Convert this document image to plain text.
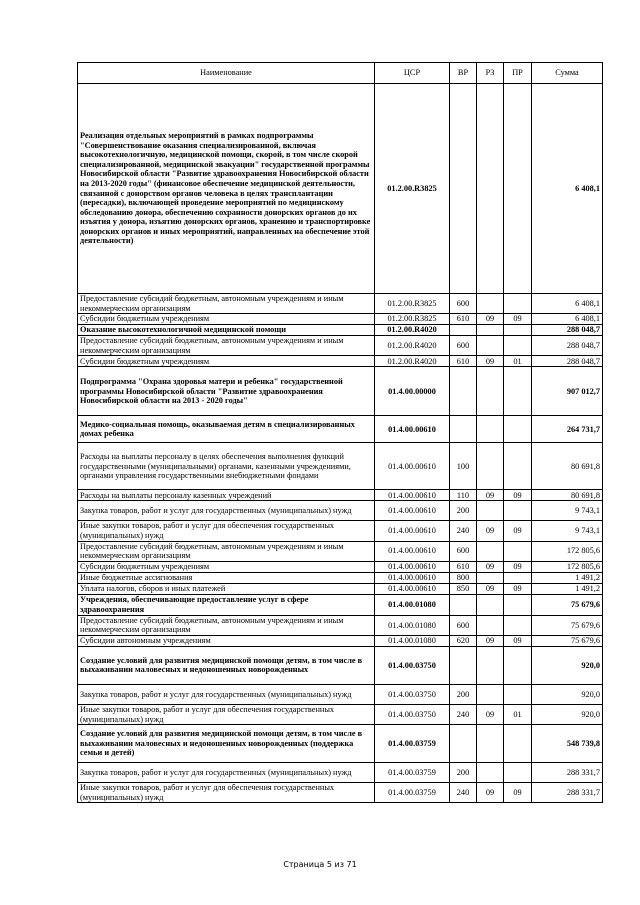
Наименование	ЦСР	ВР	РЗ	ПР	Сумма
Реализация отдельных мероприятий в рамках подпрограммы "Совершенствование оказания специализированной, включая высокотехнологичную, медицинской помощи, скорой, в том числе скорой специализированной, медицинской эвакуации" государственной программы Новосибирской области "Развитие здравоохранения Новосибирской области на 2013-2020 годы" (финансовое обеспечение медицинской деятельности, связанной с донорством органов человека в целях трансплантации (пересадки), включающей проведение мероприятий по медицинскому обследованию донора, обеспечению сохранности донорских органов до их изъятия у донора, изъятию донорских органов, хранению и транспортировке донорских органов и иных мероприятий, направленных на обеспечение этой деятельности)	01.2.00.R3825				6 408,1
Предоставление субсидий бюджетным, автономным учреждениям и иным некоммерческим организациям	01.2.00.R3825	600			6 408,1
Субсидии бюджетным учреждениям	01.2.00.R3825	610	09	09	6 408,1
Оказание высокотехнологичной медицинской помощи	01.2.00.R4020				288 048,7
Предоставление субсидий бюджетным, автономным учреждениям и иным некоммерческим организациям	01.2.00.R4020	600			288 048,7
Субсидии бюджетным учреждениям	01.2.00.R4020	610	09	01	288 048,7
Подпрограмма "Охрана здоровья матери и ребенка" государственной программы Новосибирской области "Развитие здравоохранения Новосибирской области на 2013 - 2020 годы"	01.4.00.00000				907 012,7
Медико-социальная помощь, оказываемая детям в специализированных домах ребенка	01.4.00.00610				264 731,7
Расходы на выплаты персоналу в целях обеспечения выполнения функций государственными (муниципальными) органами, казенными учреждениями, органами управления государственными внебюджетными фондами	01.4.00.00610	100			80 691,8
Расходы на выплаты персоналу казенных учреждений	01.4.00.00610	110	09	09	80 691,8
Закупка товаров, работ и услуг для государственных (муниципальных) нужд	01.4.00.00610	200			9 743,1
Иные закупки товаров, работ и услуг для обеспечения государственных (муниципальных) нужд	01.4.00.00610	240	09	09	9 743,1
Предоставление субсидий бюджетным, автономным учреждениям и иным некоммерческим организациям	01.4.00.00610	600			172 805,6
Субсидии бюджетным учреждениям	01.4.00.00610	610	09	09	172 805,6
Иные бюджетные ассигнования	01.4.00.00610	800			1 491,2
Уплата налогов, сборов и иных платежей	01.4.00.00610	850	09	09	1 491,2
Учреждения, обеспечивающие предоставление услуг в сфере здравоохранения	01.4.00.01080				75 679,6
Предоставление субсидий бюджетным, автономным учреждениям и иным некоммерческим организациям	01.4.00.01080	600			75 679,6
Субсидии автономным учреждениям	01.4.00.01080	620	09	09	75 679,6
Создание условий для развития медицинской помощи детям, в том числе в выхаживании маловесных и недоношенных новорожденных	01.4.00.03750				920,0
Закупка товаров, работ и услуг для государственных (муниципальных) нужд	01.4.00.03750	200			920,0
Иные закупки товаров, работ и услуг для обеспечения государственных (муниципальных) нужд	01.4.00.03750	240	09	01	920,0
Создание условий для развития медицинской помощи детям, в том числе в выхаживании маловесных и недоношенных новорожденных (поддержка семьи и детей)	01.4.00.03759				548 739,8
Закупка товаров, работ и услуг для государственных (муниципальных) нужд	01.4.00.03759	200			288 331,7
Иные закупки товаров, работ и услуг для обеспечения государственных (муниципальных) нужд	01.4.00.03759	240	09	09	288 331,7
Страница 5 из 71
